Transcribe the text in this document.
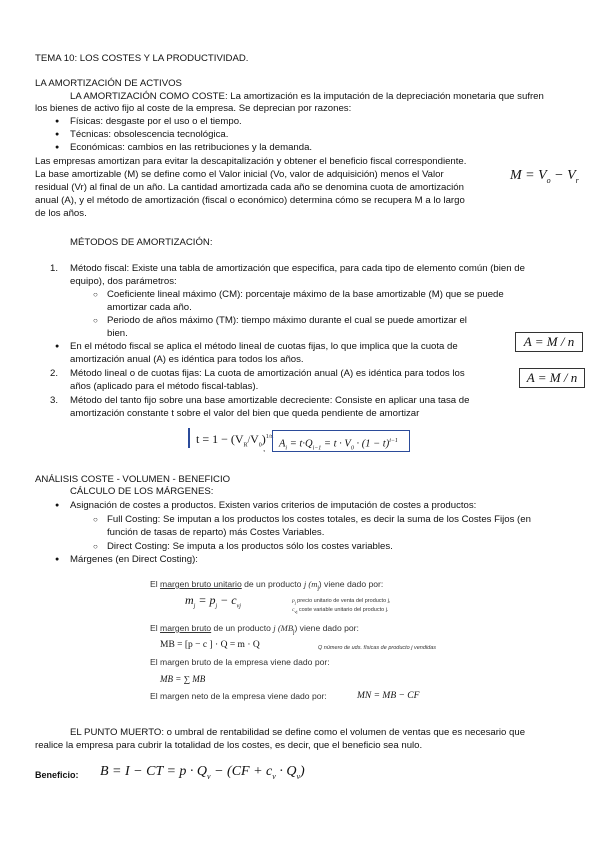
TEMA 10: LOS COSTES Y LA PRODUCTIVIDAD.
LA AMORTIZACIÓN DE ACTIVOS
LA AMORTIZACIÓN COMO COSTE: La amortización es la imputación de la depreciación monetaria que sufren
los bienes de activo fijo al coste de la empresa. Se deprecian por razones:
● Físicas: desgaste por el uso o el tiempo.
● Técnicas: obsolescencia tecnológica.
● Económicas: cambios en las retribuciones y la demanda.
Las empresas amortizan para evitar la descapitalización y obtener el beneficio fiscal correspondiente.
La base amortizable (M) se define como el Valor inicial (Vo, valor de adquisición) menos el Valor
residual (Vr) al final de un año. La cantidad amortizada cada año se denomina cuota de amortización
anual (A), y el método de amortización (fiscal o económico) determina cómo se recupera M a lo largo
de los años.
$M = V_o - V_r$
MÉTODOS DE AMORTIZACIÓN:
1. Método fiscal: Existe una tabla de amortización que especifica, para cada tipo de elemento común (bien de
equipo), dos parámetros:
○ Coeficiente lineal máximo (CM): porcentaje máximo de la base amortizable (M) que se puede
amortizar cada año.
○ Periodo de años máximo (TM): tiempo máximo durante el cual se puede amortizar el
bien.
● En el método fiscal se aplica el método lineal de cuotas fijas, lo que implica que la cuota de
amortización anual (A) es idéntica para todos los años.
A = M / n
2. Método lineal o de cuotas fijas: La cuota de amortización anual (A) es idéntica para todos los
años (aplicado para el método fiscal-tablas).
A = M / n
3. Método del tanto fijo sobre una base amortizable decreciente: Consiste en aplicar una tasa de
amortización constante t sobre el valor del bien que queda pendiente de amortizar
$t = 1 - (V_R/V_0)^{1/n}$
, $A_i = t\cdot Q_{i-1} = t \cdot V_0 \cdot (1 - t)^{i-1}$
ANÁLISIS COSTE - VOLUMEN - BENEFICIO
CÁLCULO DE LOS MÁRGENES:
● Asignación de costes a productos. Existen varios criterios de imputación de costes a productos:
○ Full Costing: Se imputan a los productos los costes totales, es decir la suma de los Costes Fijos (en
función de tasas de reparto) más Costes Variables.
○ Direct Costing: Se imputa a los productos sólo los costes variables.
● Márgenes (en Direct Costing):
El margen bruto unitario de un producto j $(m_j)$ viene dado por:
$m_j = p_j - c_{vj}$
$p_j$ precio unitario de venta del producto j,
$c_{vj}$ coste variable unitario del producto j.
El margen bruto de un producto j $(MB_j)$ viene dado por:
MB = [p − c ] · Q = m · Q	Q número de uds. físicas de producto j vendidas
El margen bruto de la empresa viene dado por:
MB = ∑ MB
El margen neto de la empresa viene dado por:	MN = MB − CF
EL PUNTO MUERTO: o umbral de rentabilidad se define como el volumen de ventas que es necesario que
realice la empresa para cubrir la totalidad de los costes, es decir, que el beneficio sea nulo.
Beneficio: B = I − CT = $p \cdot Q_v - (CF + c_v \cdot Q_v)$
